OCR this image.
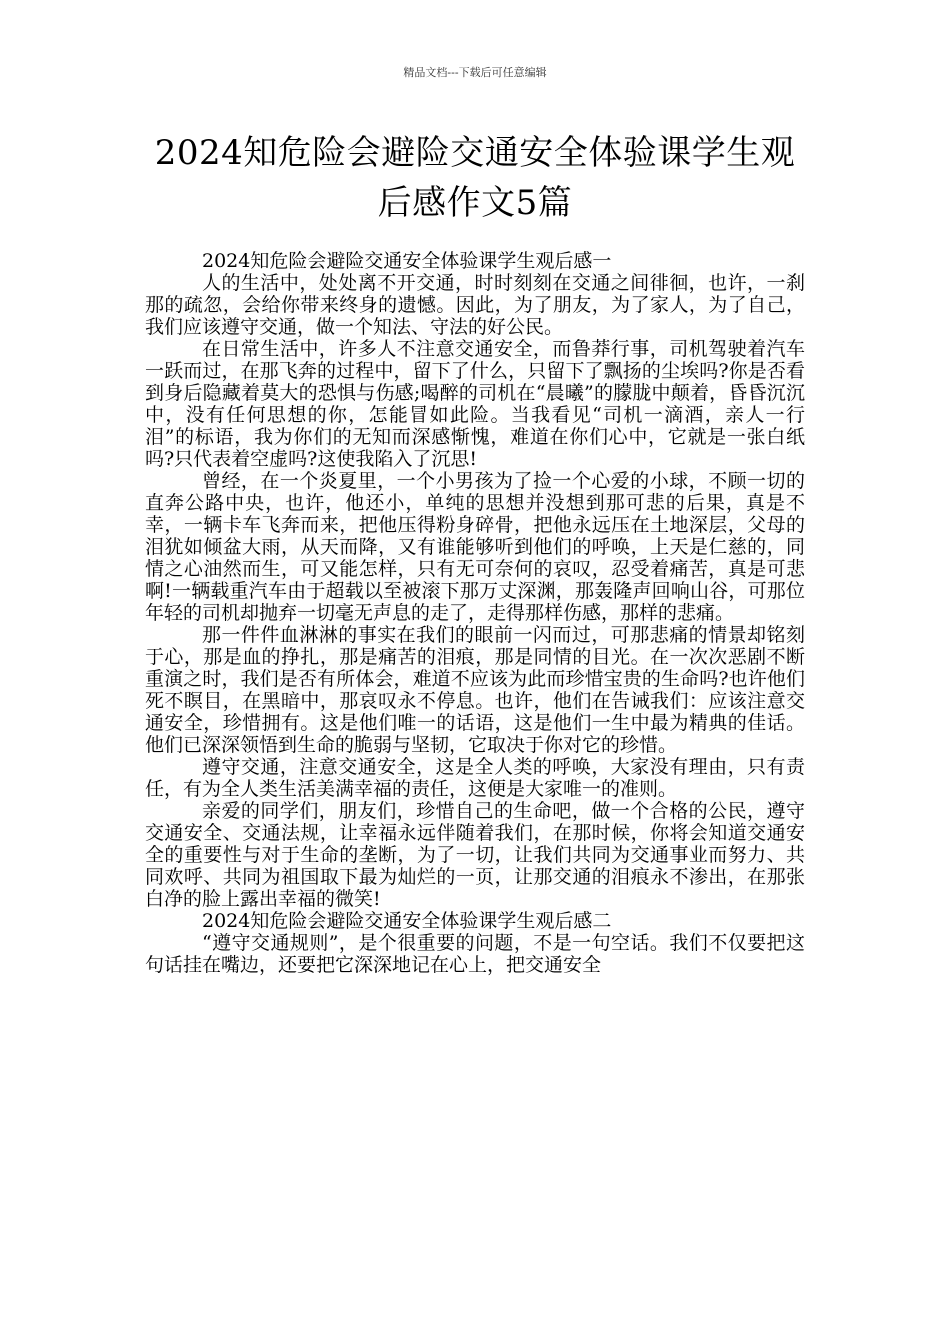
精品文档---下载后可任意编辑
2024知危险会避险交通安全体验课学生观
后感作文5篇
2024知危险会避险交通安全体验课学生观后感一

人的生活中，处处离不开交通，时时刻刻在交通之间徘徊，也许，一刹那的疏忽，会给你带来终身的遗憾。因此，为了朋友，为了家人，为了自己，我们应该遵守交通，做一个知法、守法的好公民。

在日常生活中，许多人不注意交通安全，而鲁莽行事，司机驾驶着汽车一跃而过，在那飞奔的过程中，留下了什么，只留下了飘扬的尘埃吗?你是否看到身后隐藏着莫大的恐惧与伤感;喝醉的司机在“晨曦”的朦胧中颠着，昏昏沉沉中，没有任何思想的你，怎能冒如此险。当我看见“司机一滴酒，亲人一行泪”的标语，我为你们的无知而深感惭愧，难道在你们心中，它就是一张白纸吗?只代表着空虚吗?这使我陷入了沉思!

曾经，在一个炎夏里，一个小男孩为了捡一个心爱的小球，不顾一切的直奔公路中央，也许，他还小，单纯的思想并没想到那可悲的后果，真是不幸，一辆卡车飞奔而来，把他压得粉身碎骨，把他永远压在土地深层，父母的泪犹如倾盆大雨，从天而降，又有谁能够听到他们的呼唤，上天是仁慈的，同情之心油然而生，可又能怎样，只有无可奈何的哀叹，忍受着痛苦，真是可悲啊!一辆载重汽车由于超载以至被滚下那万丈深渊，那轰隆声回响山谷，可那位年轻的司机却抛弃一切毫无声息的走了，走得那样伤感，那样的悲痛。

那一件件血淋淋的事实在我们的眼前一闪而过，可那悲痛的情景却铭刻于心，那是血的挣扎，那是痛苦的泪痕，那是同情的目光。在一次次恶剧不断重演之时，我们是否有所体会，难道不应该为此而珍惜宝贵的生命吗?也许他们死不瞑目，在黑暗中，那哀叹永不停息。也许，他们在告诫我们：应该注意交通安全，珍惜拥有。这是他们唯一的话语，这是他们一生中最为精典的佳话。他们已深深领悟到生命的脆弱与坚韧，它取决于你对它的珍惜。

遵守交通，注意交通安全，这是全人类的呼唤，大家没有理由，只有责任，有为全人类生活美满幸福的责任，这便是大家唯一的准则。

亲爱的同学们，朋友们，珍惜自己的生命吧，做一个合格的公民，遵守交通安全、交通法规，让幸福永远伴随着我们，在那时候，你将会知道交通安全的重要性与对于生命的垄断，为了一切，让我们共同为交通事业而努力、共同欢呼、共同为祖国取下最为灿烂的一页，让那交通的泪痕永不渗出，在那张白净的脸上露出幸福的微笑!

2024知危险会避险交通安全体验课学生观后感二

“遵守交通规则”，是个很重要的问题，不是一句空话。我们不仅要把这句话挂在嘴边，还要把它深深地记在心上，把交通安全
